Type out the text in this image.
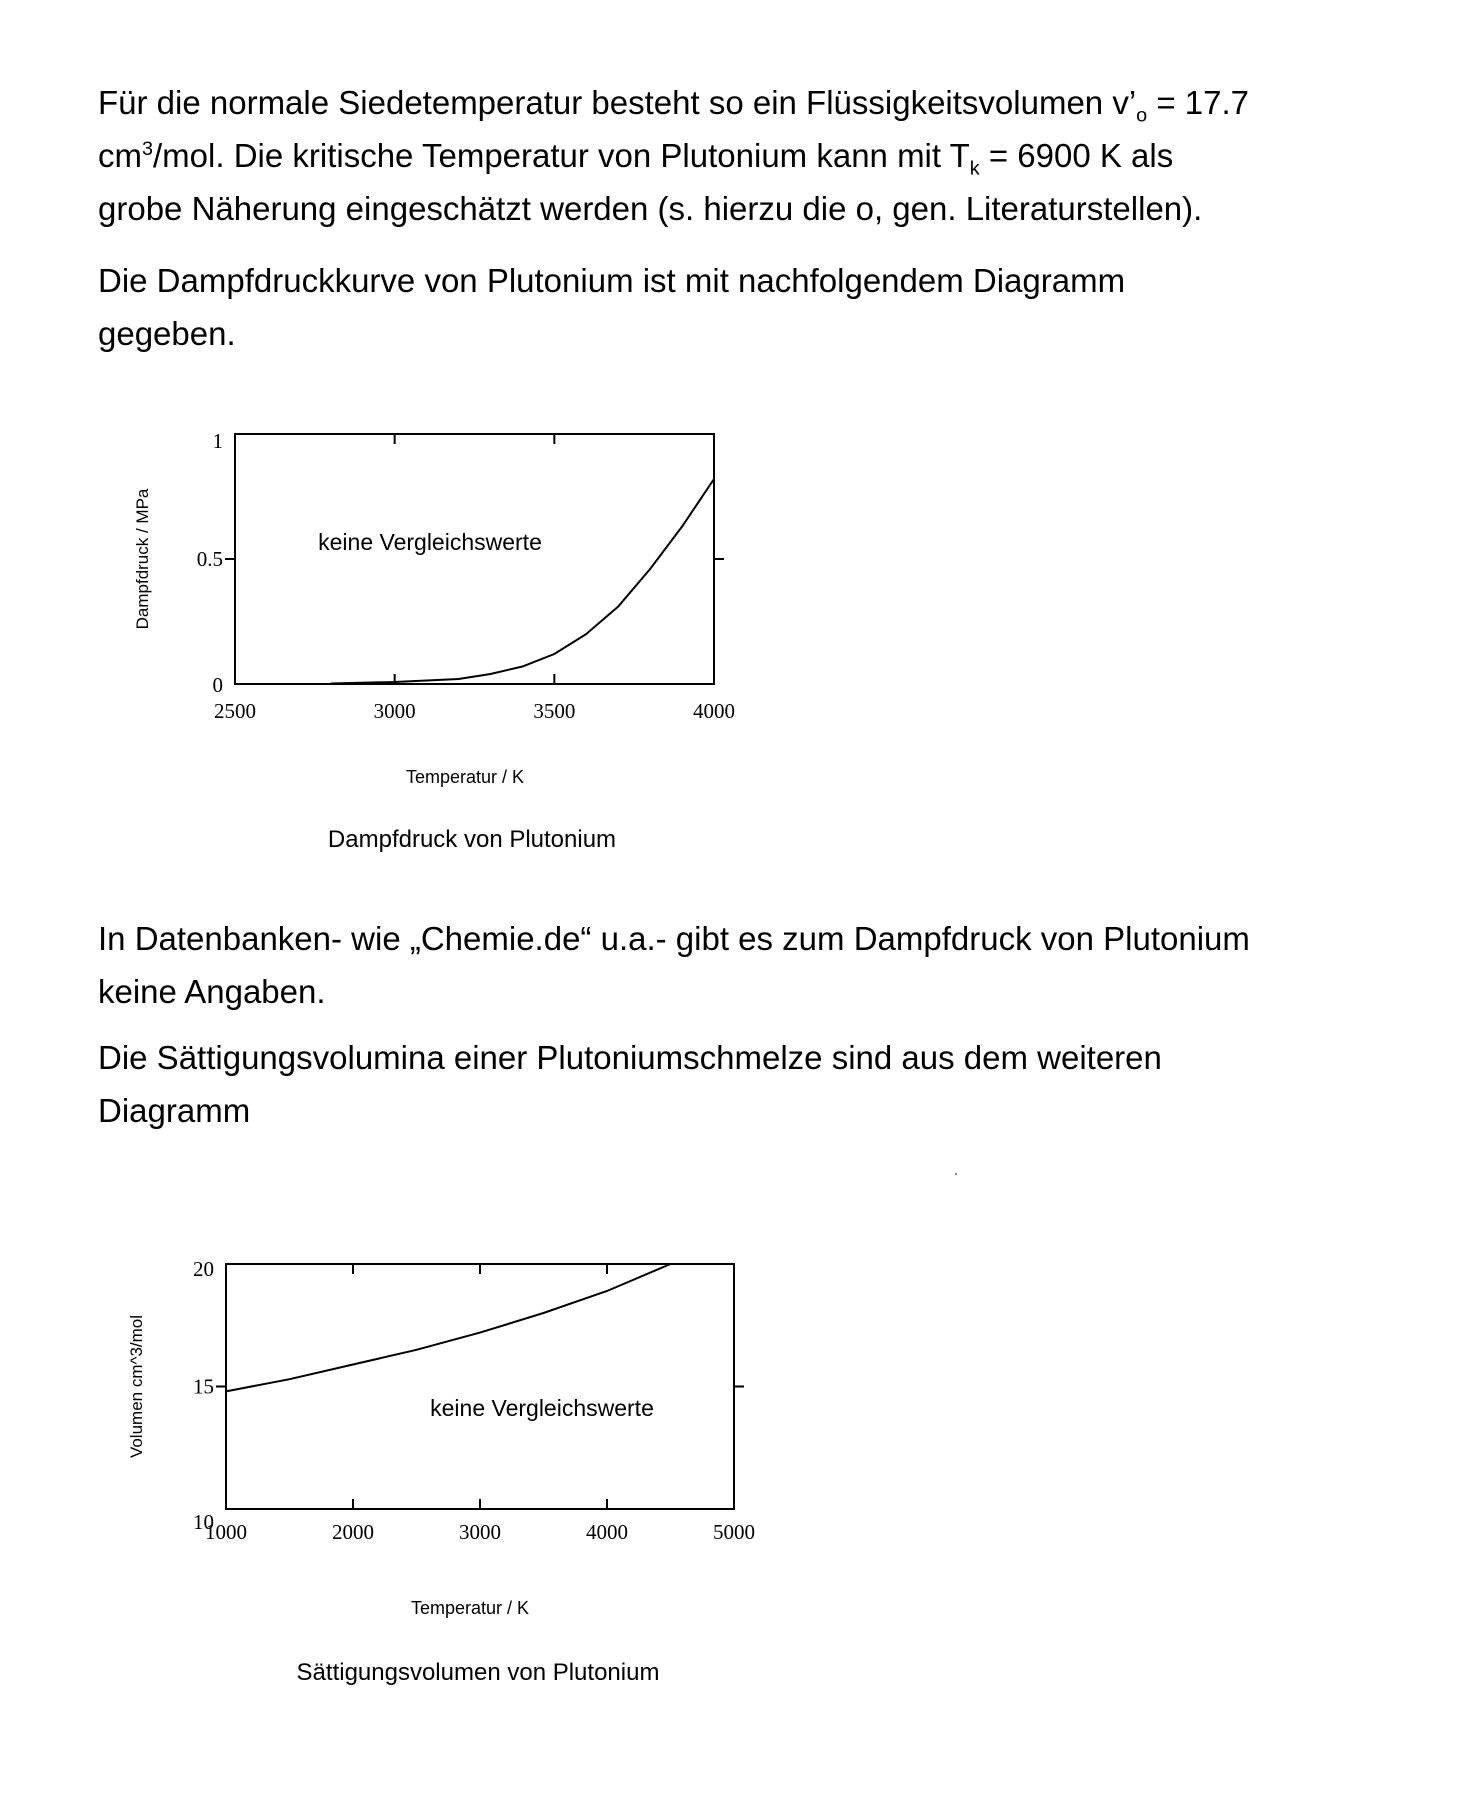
Für die normale Siedetemperatur besteht so ein Flüssigkeitsvolumen $v’_o = 17.7$
$cm^3$/mol. Die kritische Temperatur von Plutonium kann mit $T_k = 6900$ K als
grobe Näherung eingeschätzt werden (s. hierzu die o, gen. Literaturstellen).

Die Dampfdruckkurve von Plutonium ist mit nachfolgendem Diagramm
gegeben.

2500	3000	3500	4000
0
0.5
1
keine Vergleichswerte
Dampfdruck / MPa
Temperatur / K
Dampfdruck von Plutonium
1000	2000	3000	4000	5000
10
15
20
keine Vergleichswerte
Volumen cm^3/mol
Temperatur / K
Sättigungsvolumen von Plutonium

In Datenbanken- wie „Chemie.de“ u.a.- gibt es zum Dampfdruck von Plutonium
keine Angaben.

Die Sättigungsvolumina einer Plutoniumschmelze sind aus dem weiteren
Diagramm
